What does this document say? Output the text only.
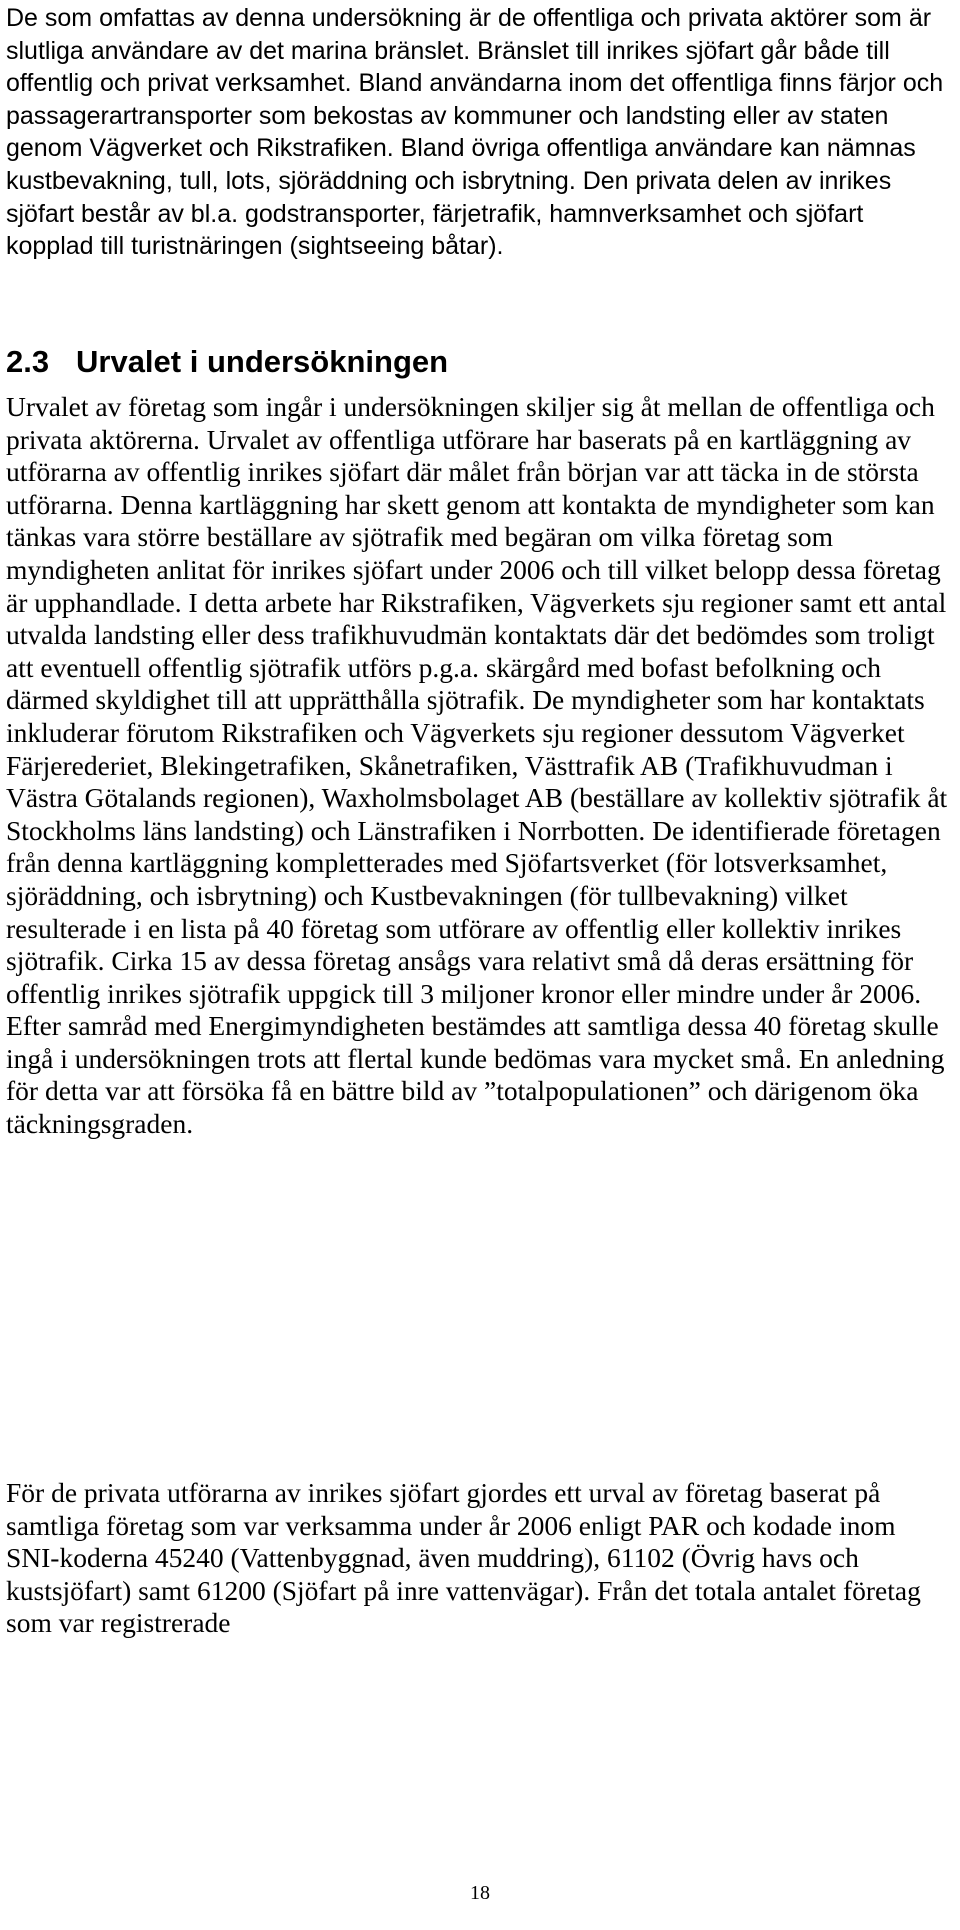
De som omfattas av denna undersökning är de offentliga och privata aktörer som är slutliga användare av det marina bränslet. Bränslet till inrikes sjöfart går både till offentlig och privat verksamhet. Bland användarna inom det offentliga finns färjor och passagerartransporter som bekostas av kommuner och landsting eller av staten genom Vägverket och Rikstrafiken. Bland övriga offentliga användare kan nämnas kustbevakning, tull, lots, sjöräddning och isbrytning. Den privata delen av inrikes sjöfart består av bl.a. godstransporter, färjetrafik, hamnverksamhet och sjöfart kopplad till turistnäringen (sightseeing båtar).

2.3 Urvalet i undersökningen

Urvalet av företag som ingår i undersökningen skiljer sig åt mellan de offentliga och privata aktörerna. Urvalet av offentliga utförare har baserats på en kartläggning av utförarna av offentlig inrikes sjöfart där målet från början var att täcka in de största utförarna. Denna kartläggning har skett genom att kontakta de myndigheter som kan tänkas vara större beställare av sjötrafik med begäran om vilka företag som myndigheten anlitat för inrikes sjöfart under 2006 och till vilket belopp dessa företag är upphandlade. I detta arbete har Rikstrafiken, Vägverkets sju regioner samt ett antal utvalda landsting eller dess trafikhuvudmän kontaktats där det bedömdes som troligt att eventuell offentlig sjötrafik utförs p.g.a. skärgård med bofast befolkning och därmed skyldighet till att upprätthålla sjötrafik. De myndigheter som har kontaktats inkluderar förutom Rikstrafiken och Vägverkets sju regioner dessutom Vägverket Färjerederiet, Blekingetrafiken, Skånetrafiken, Västtrafik AB (Trafikhuvudman i Västra Götalands regionen), Waxholmsbolaget AB (beställare av kollektiv sjötrafik åt Stockholms läns landsting) och Länstrafiken i Norrbotten. De identifierade företagen från denna kartläggning kompletterades med Sjöfartsverket (för lotsverksamhet, sjöräddning, och isbrytning) och Kustbevakningen (för tullbevakning) vilket resulterade i en lista på 40 företag som utförare av offentlig eller kollektiv inrikes sjötrafik. Cirka 15 av dessa företag ansågs vara relativt små då deras ersättning för offentlig inrikes sjötrafik uppgick till 3 miljoner kronor eller mindre under år 2006. Efter samråd med Energimyndigheten bestämdes att samtliga dessa 40 företag skulle ingå i undersökningen trots att flertal kunde bedömas vara mycket små. En anledning för detta var att försöka få en bättre bild av ”totalpopulationen” och därigenom öka täckningsgraden.

För de privata utförarna av inrikes sjöfart gjordes ett urval av företag baserat på samtliga företag som var verksamma under år 2006 enligt PAR och kodade inom SNI-koderna 45240 (Vattenbyggnad, även muddring), 61102 (Övrig havs och kustsjöfart) samt 61200 (Sjöfart på inre vattenvägar). Från det totala antalet företag som var registrerade

18
